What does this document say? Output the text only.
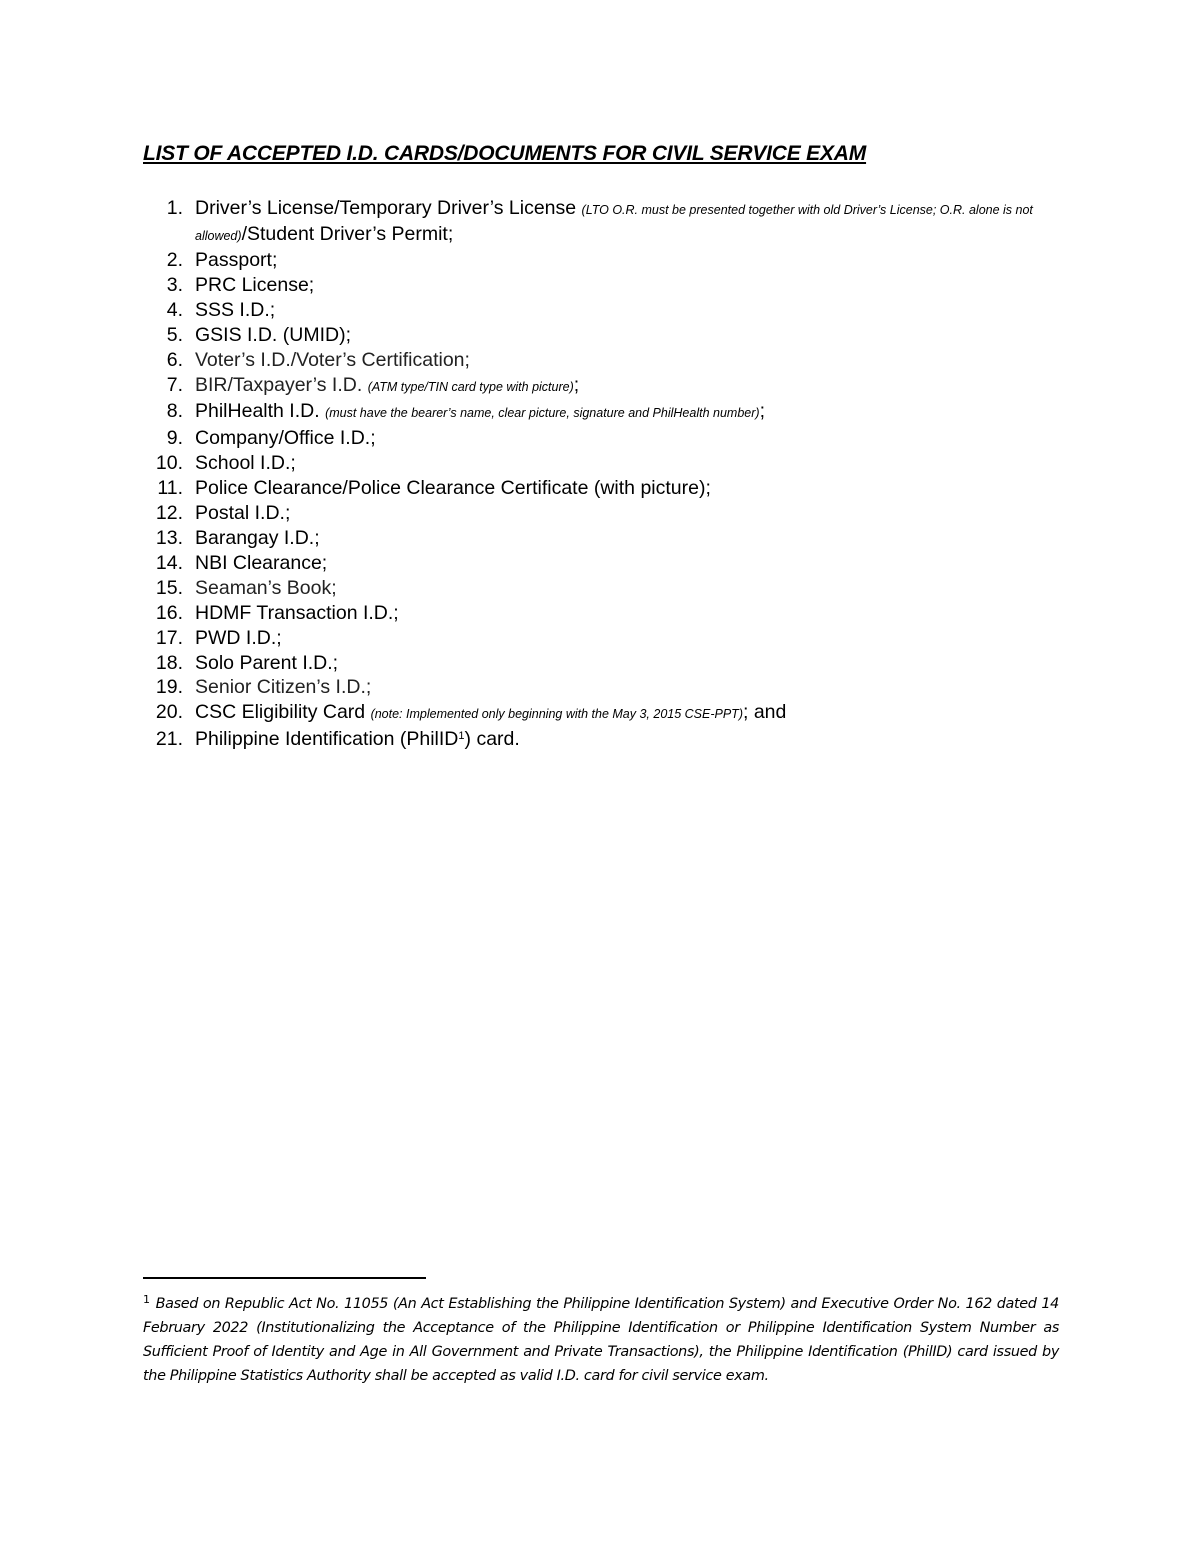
LIST OF ACCEPTED I.D. CARDS/DOCUMENTS FOR CIVIL SERVICE EXAM
1. Driver’s License/Temporary Driver’s License (LTO O.R. must be presented together with old Driver’s License; O.R. alone is not allowed)/Student Driver’s Permit;
2. Passport;
3. PRC License;
4. SSS I.D.;
5. GSIS I.D. (UMID);
6. Voter’s I.D./Voter’s Certification;
7. BIR/Taxpayer’s I.D. (ATM type/TIN card type with picture);
8. PhilHealth I.D. (must have the bearer’s name, clear picture, signature and PhilHealth number);
9. Company/Office I.D.;
10. School I.D.;
11. Police Clearance/Police Clearance Certificate (with picture);
12. Postal I.D.;
13. Barangay I.D.;
14. NBI Clearance;
15. Seaman’s Book;
16. HDMF Transaction I.D.;
17. PWD I.D.;
18. Solo Parent I.D.;
19. Senior Citizen’s I.D.;
20. CSC Eligibility Card (note: Implemented only beginning with the May 3, 2015 CSE-PPT); and
21. Philippine Identification (PhilID$^1$) card.
$^1$ Based on Republic Act No. 11055 (An Act Establishing the Philippine Identification System) and Executive Order No. 162 dated 14 February 2022 (Institutionalizing the Acceptance of the Philippine Identification or Philippine Identification System Number as Sufficient Proof of Identity and Age in All Government and Private Transactions), the Philippine Identification (PhilID) card issued by the Philippine Statistics Authority shall be accepted as valid I.D. card for civil service exam.
